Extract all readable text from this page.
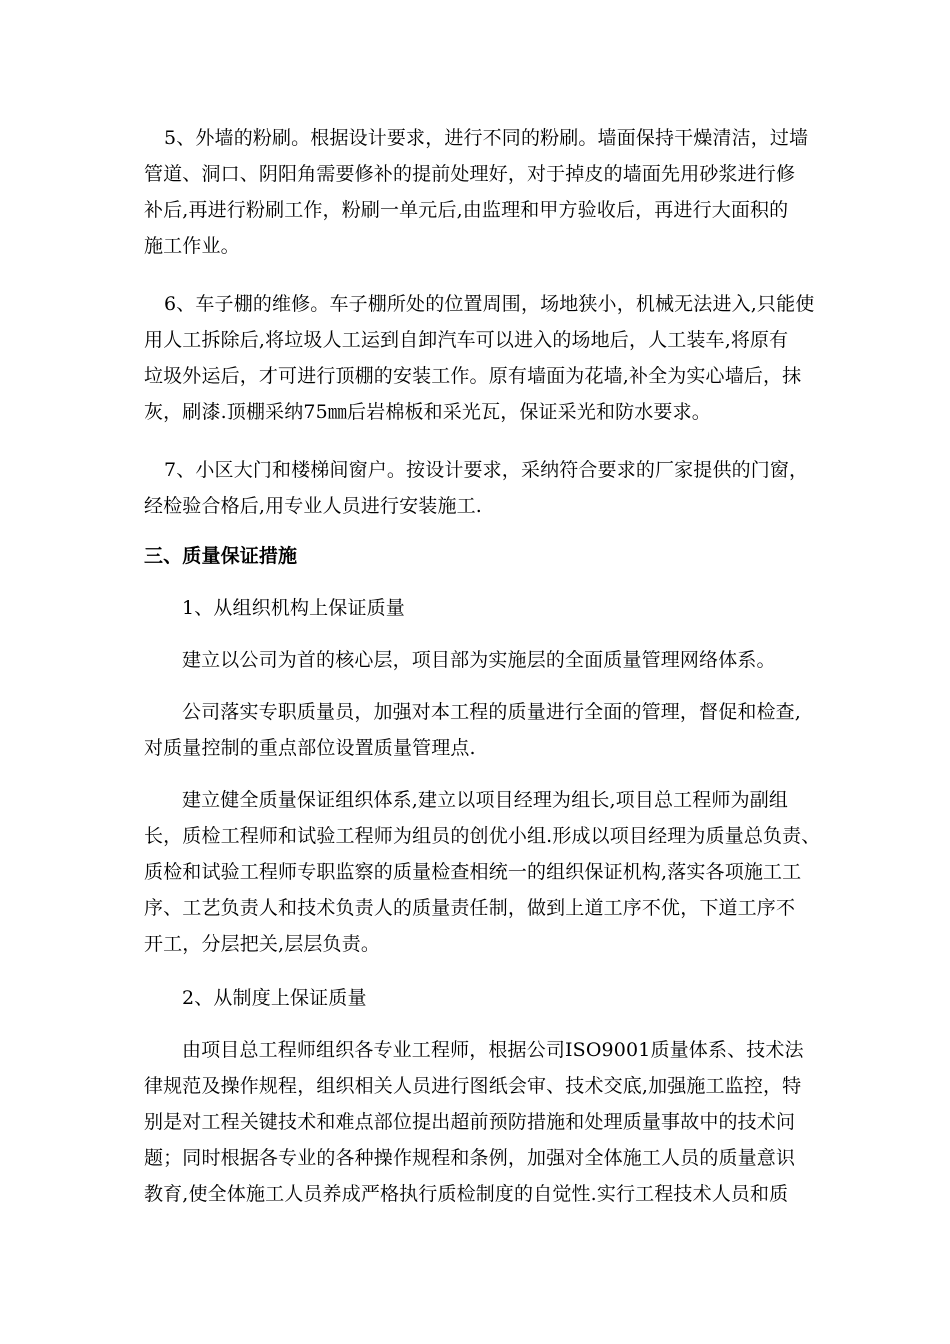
5、外墙的粉刷。根据设计要求，进行不同的粉刷。墙面保持干燥清洁，过墙
管道、洞口、阴阳角需要修补的提前处理好，对于掉皮的墙面先用砂浆进行修
补后,再进行粉刷工作，粉刷一单元后,由监理和甲方验收后，再进行大面积的
施工作业。
6、车子棚的维修。车子棚所处的位置周围，场地狭小，机械无法进入,只能使
用人工拆除后,将垃圾人工运到自卸汽车可以进入的场地后，人工装车,将原有
垃圾外运后，才可进行顶棚的安装工作。原有墙面为花墙,补全为实心墙后，抹
灰，刷漆.顶棚采纳75㎜后岩棉板和采光瓦，保证采光和防水要求。
7、小区大门和楼梯间窗户。按设计要求，采纳符合要求的厂家提供的门窗，
经检验合格后,用专业人员进行安装施工.
三、质量保证措施
1、从组织机构上保证质量
建立以公司为首的核心层，项目部为实施层的全面质量管理网络体系。
公司落实专职质量员，加强对本工程的质量进行全面的管理，督促和检查,
对质量控制的重点部位设置质量管理点.
建立健全质量保证组织体系,建立以项目经理为组长,项目总工程师为副组
长，质检工程师和试验工程师为组员的创优小组.形成以项目经理为质量总负责、
质检和试验工程师专职监察的质量检查相统一的组织保证机构,落实各项施工工
序、工艺负责人和技术负责人的质量责任制，做到上道工序不优，下道工序不
开工，分层把关,层层负责。
2、从制度上保证质量
由项目总工程师组织各专业工程师，根据公司ISO9001质量体系、技术法
律规范及操作规程，组织相关人员进行图纸会审、技术交底,加强施工监控，特
别是对工程关键技术和难点部位提出超前预防措施和处理质量事故中的技术问
题；同时根据各专业的各种操作规程和条例，加强对全体施工人员的质量意识
教育,使全体施工人员养成严格执行质检制度的自觉性.实行工程技术人员和质
